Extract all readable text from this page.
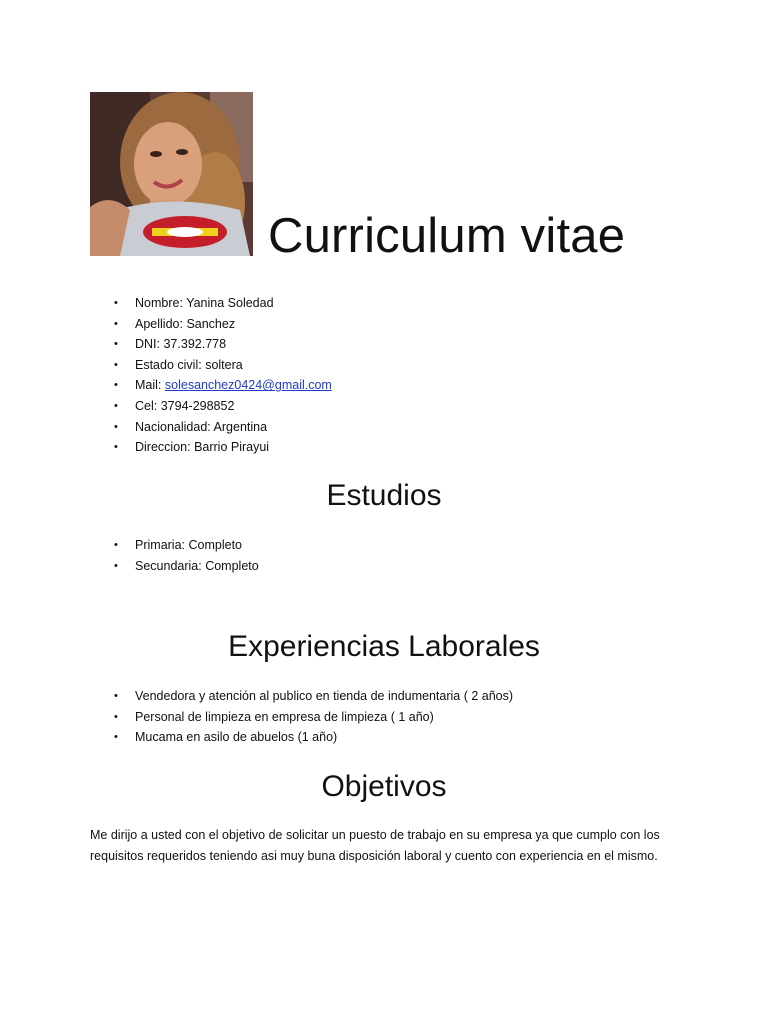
Curriculum vitae
• Nombre: Yanina Soledad
• Apellido: Sanchez
• DNI: 37.392.778
• Estado civil: soltera
• Mail: solesanchez0424@gmail.com
• Cel: 3794-298852
• Nacionalidad: Argentina
• Direccion: Barrio Pirayui
Estudios
• Primaria: Completo
• Secundaria: Completo
Experiencias Laborales
• Vendedora y atención al publico en tienda de indumentaria ( 2 años)
• Personal de limpieza en empresa de limpieza ( 1 año)
• Mucama en asilo de abuelos (1 año)
Objetivos

Me dirijo a usted con el objetivo de solicitar un puesto de trabajo en su empresa ya que cumplo con los requisitos requeridos teniendo asi muy buna disposición laboral y cuento con experiencia en el mismo.
